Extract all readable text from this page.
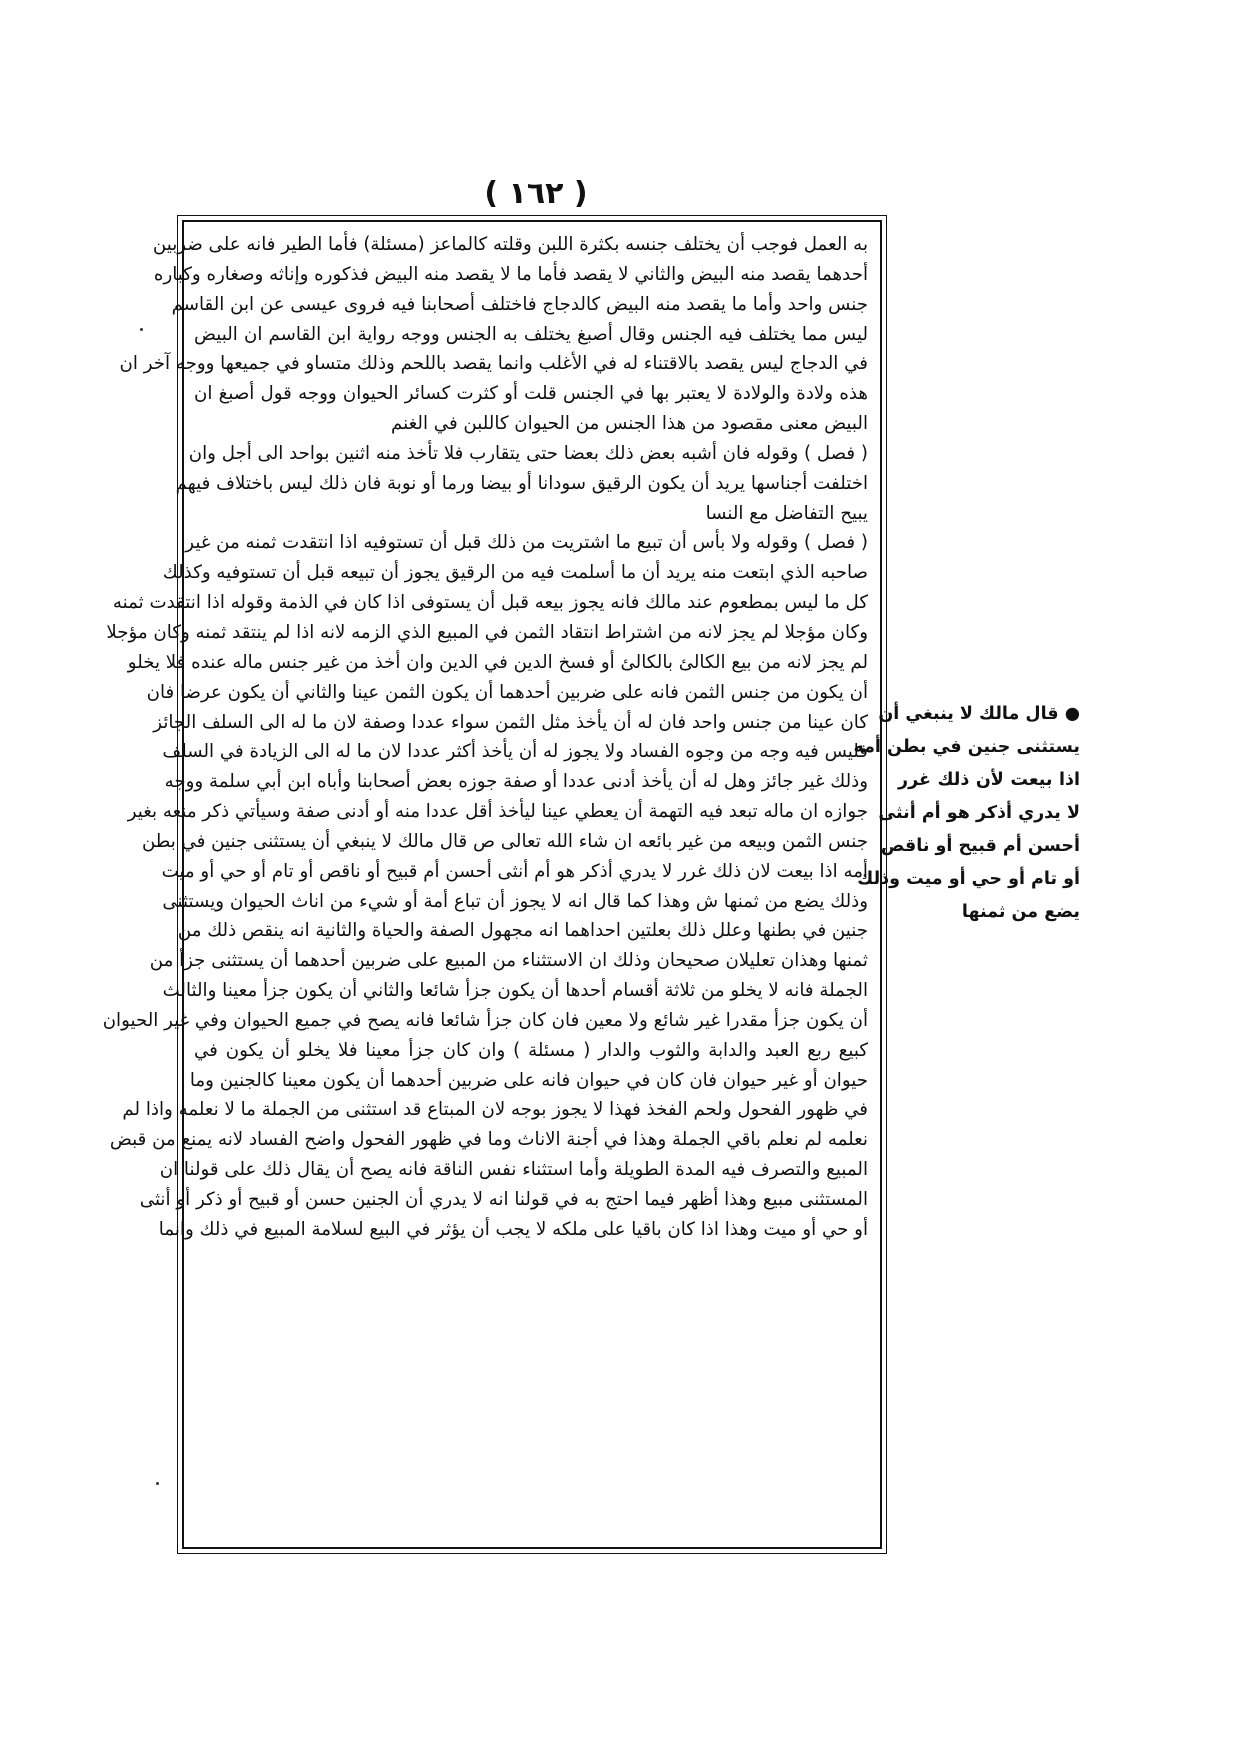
( ١٦٢ )
به العمل فوجب أن يختلف جنسه بكثرة اللبن وقلته كالماعز (مسئلة) فأما الطير فانه على ضربين
أحدهما يقصد منه البيض والثاني لا يقصد فأما ما لا يقصد منه البيض فذكوره وإناثه وصغاره وكباره
جنس واحد وأما ما يقصد منه البيض كالدجاج فاختلف أصحابنا فيه فروى عيسى عن ابن القاسم
ليس مما يختلف فيه الجنس وقال أصبغ يختلف به الجنس ووجه رواية ابن القاسم ان البيض
في الدجاج ليس يقصد بالاقتناء له في الأغلب وانما يقصد باللحم وذلك متساو في جميعها ووجه آخر ان
هذه ولادة والولادة لا يعتبر بها في الجنس قلت أو كثرت كسائر الحيوان ووجه قول أصبغ ان
البيض معنى مقصود من هذا الجنس من الحيوان كاللبن في الغنم
( فصل ) وقوله فان أشبه بعض ذلك بعضا حتى يتقارب فلا تأخذ منه اثنين بواحد الى أجل وان
اختلفت أجناسها يريد أن يكون الرقيق سودانا أو بيضا ورما أو نوبة فان ذلك ليس باختلاف فيهم
يبيح التفاضل مع النسا
( فصل ) وقوله ولا بأس أن تبيع ما اشتريت من ذلك قبل أن تستوفيه اذا انتقدت ثمنه من غير
صاحبه الذي ابتعت منه يريد أن ما أسلمت فيه من الرقيق يجوز أن تبيعه قبل أن تستوفيه وكذلك
كل ما ليس بمطعوم عند مالك فانه يجوز بيعه قبل أن يستوفى اذا كان في الذمة وقوله اذا انتقدت ثمنه
وكان مؤجلا لم يجز لانه من اشتراط انتقاد الثمن في المبيع الذي الزمه لانه اذا لم ينتقد ثمنه وكان مؤجلا
لم يجز لانه من بيع الكالئ بالكالئ أو فسخ الدين في الدين وان أخذ من غير جنس ماله عنده فلا يخلو
أن يكون من جنس الثمن فانه على ضربين أحدهما أن يكون الثمن عينا والثاني أن يكون عرضا فان
كان عينا من جنس واحد فان له أن يأخذ مثل الثمن سواء عددا وصفة لان ما له الى السلف الجائز
فليس فيه وجه من وجوه الفساد ولا يجوز له أن يأخذ أكثر عددا لان ما له الى الزيادة في السلف
وذلك غير جائز وهل له أن يأخذ أدنى عددا أو صفة جوزه بعض أصحابنا وأباه ابن أبي سلمة ووجه
جوازه ان ماله تبعد فيه التهمة أن يعطي عينا ليأخذ أقل عددا منه أو أدنى صفة وسيأتي ذكر منعه بغير
جنس الثمن وبيعه من غير بائعه ان شاء الله تعالى ص قال مالك لا ينبغي أن يستثنى جنين في بطن
أمه اذا بيعت لان ذلك غرر لا يدري أذكر هو أم أنثى أحسن أم قبيح أو ناقص أو تام أو حي أو ميت
وذلك يضع من ثمنها ش وهذا كما قال انه لا يجوز أن تباع أمة أو شيء من اناث الحيوان ويستثنى
جنين في بطنها وعلل ذلك بعلتين احداهما انه مجهول الصفة والحياة والثانية انه ينقص ذلك من
ثمنها وهذان تعليلان صحيحان وذلك ان الاستثناء من المبيع على ضربين أحدهما أن يستثنى جزأ من
الجملة فانه لا يخلو من ثلاثة أقسام أحدها أن يكون جزأ شائعا والثاني أن يكون جزأ معينا والثالث
أن يكون جزأ مقدرا غير شائع ولا معين فان كان جزأ شائعا فانه يصح في جميع الحيوان وفي غير الحيوان
كبيع ربع العبد والدابة والثوب والدار ( مسئلة ) وان كان جزأ معينا فلا يخلو أن يكون في
حيوان أو غير حيوان فان كان في حيوان فانه على ضربين أحدهما أن يكون معينا كالجنين وما
في ظهور الفحول ولحم الفخذ فهذا لا يجوز بوجه لان المبتاع قد استثنى من الجملة ما لا نعلمه واذا لم
نعلمه لم نعلم باقي الجملة وهذا في أجنة الاناث وما في ظهور الفحول واضح الفساد لانه يمنع من قبض
المبيع والتصرف فيه المدة الطويلة وأما استثناء نفس الناقة فانه يصح أن يقال ذلك على قولنا ان
المستثنى مبيع وهذا أظهر فيما احتج به في قولنا انه لا يدري أن الجنين حسن أو قبيح أو ذكر أو أنثى
أو حي أو ميت وهذا اذا كان باقيا على ملكه لا يجب أن يؤثر في البيع لسلامة المبيع في ذلك وانما
● قال مالك لا ينبغي أن
يستثنى جنين في بطن أمه
اذا بيعت لأن ذلك غرر
لا يدري أذكر هو أم أنثى
أحسن أم قبيح أو ناقص
أو تام أو حي أو ميت وذلك
يضع من ثمنها
